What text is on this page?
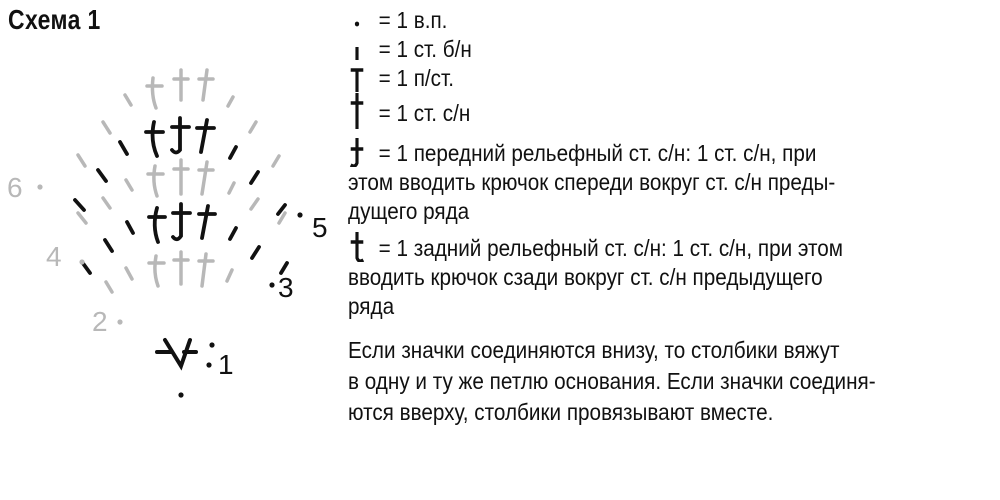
Схема 1
1
2
3
4
5
6
= 1 в.п.
= 1 ст. б/н
= 1 п/ст.
= 1 ст. с/н
= 1 передний рельефный ст. с/н: 1 ст. с/н, при
этом вводить крючок спереди вокруг ст. с/н преды-
дущего ряда
= 1 задний рельефный ст. с/н: 1 ст. с/н, при этом
вводить крючок сзади вокруг ст. с/н предыдущего
ряда
Если значки соединяются внизу, то столбики вяжут
в одну и ту же петлю основания. Если значки соединя-
ются вверху, столбики провязывают вместе.
